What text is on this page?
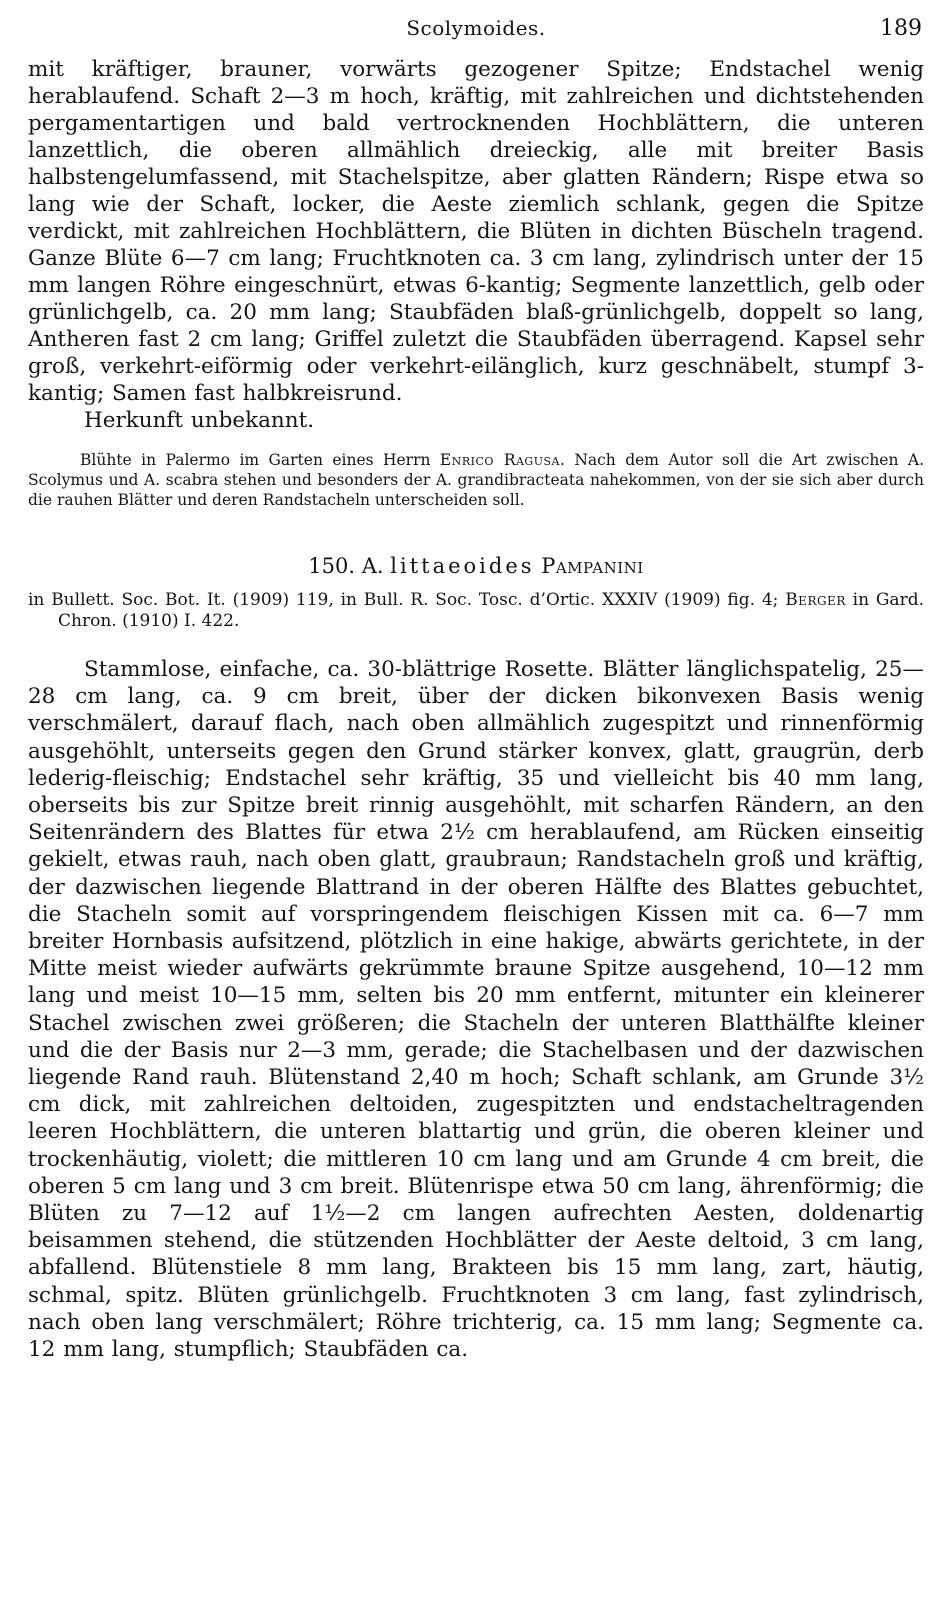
Scolymoides.	189

mit kräftiger, brauner, vorwärts gezogener Spitze; Endstachel wenig herablaufend. Schaft 2—3 m hoch, kräftig, mit zahlreichen und dichtstehenden pergamentartigen und bald vertrocknenden Hochblättern, die unteren lanzettlich, die oberen allmählich dreieckig, alle mit breiter Basis halbstengelumfassend, mit Stachelspitze, aber glatten Rändern; Rispe etwa so lang wie der Schaft, locker, die Aeste ziemlich schlank, gegen die Spitze verdickt, mit zahlreichen Hochblättern, die Blüten in dichten Büscheln tragend. Ganze Blüte 6—7 cm lang; Fruchtknoten ca. 3 cm lang, zylindrisch unter der 15 mm langen Röhre eingeschnürt, etwas 6-kantig; Segmente lanzettlich, gelb oder grünlichgelb, ca. 20 mm lang; Staubfäden blaß-grünlichgelb, doppelt so lang, Antheren fast 2 cm lang; Griffel zuletzt die Staubfäden überragend. Kapsel sehr groß, verkehrt-eiförmig oder verkehrt-eilänglich, kurz geschnäbelt, stumpf 3-kantig; Samen fast halbkreisrund.

Herkunft unbekannt.

Blühte in Palermo im Garten eines Herrn Enrico Ragusa. Nach dem Autor soll die Art zwischen A. Scolymus und A. scabra stehen und besonders der A. grandibracteata nahekommen, von der sie sich aber durch die rauhen Blätter und deren Randstacheln unterscheiden soll.

150. A. littaeoides Pampanini

in Bullett. Soc. Bot. It. (1909) 119, in Bull. R. Soc. Tosc. d’Ortic. XXXIV (1909) fig. 4; Berger in Gard. Chron. (1910) I. 422.

Stammlose, einfache, ca. 30-blättrige Rosette. Blätter länglichspatelig, 25—28 cm lang, ca. 9 cm breit, über der dicken bikonvexen Basis wenig verschmälert, darauf flach, nach oben allmählich zugespitzt und rinnenförmig ausgehöhlt, unterseits gegen den Grund stärker konvex, glatt, graugrün, derb lederig-fleischig; Endstachel sehr kräftig, 35 und vielleicht bis 40 mm lang, oberseits bis zur Spitze breit rinnig ausgehöhlt, mit scharfen Rändern, an den Seitenrändern des Blattes für etwa 2½ cm herablaufend, am Rücken einseitig gekielt, etwas rauh, nach oben glatt, graubraun; Randstacheln groß und kräftig, der dazwischen liegende Blattrand in der oberen Hälfte des Blattes gebuchtet, die Stacheln somit auf vorspringendem fleischigen Kissen mit ca. 6—7 mm breiter Hornbasis aufsitzend, plötzlich in eine hakige, abwärts gerichtete, in der Mitte meist wieder aufwärts gekrümmte braune Spitze ausgehend, 10—12 mm lang und meist 10—15 mm, selten bis 20 mm entfernt, mitunter ein kleinerer Stachel zwischen zwei größeren; die Stacheln der unteren Blatthälfte kleiner und die der Basis nur 2—3 mm, gerade; die Stachelbasen und der dazwischen liegende Rand rauh. Blütenstand 2,40 m hoch; Schaft schlank, am Grunde 3½ cm dick, mit zahlreichen deltoiden, zugespitzten und endstacheltragenden leeren Hochblättern, die unteren blattartig und grün, die oberen kleiner und trockenhäutig, violett; die mittleren 10 cm lang und am Grunde 4 cm breit, die oberen 5 cm lang und 3 cm breit. Blütenrispe etwa 50 cm lang, ährenförmig; die Blüten zu 7—12 auf 1½—2 cm langen aufrechten Aesten, doldenartig beisammen stehend, die stützenden Hochblätter der Aeste deltoid, 3 cm lang, abfallend. Blütenstiele 8 mm lang, Brakteen bis 15 mm lang, zart, häutig, schmal, spitz. Blüten grünlichgelb. Fruchtknoten 3 cm lang, fast zylindrisch, nach oben lang verschmälert; Röhre trichterig, ca. 15 mm lang; Segmente ca. 12 mm lang, stumpflich; Staubfäden ca.
